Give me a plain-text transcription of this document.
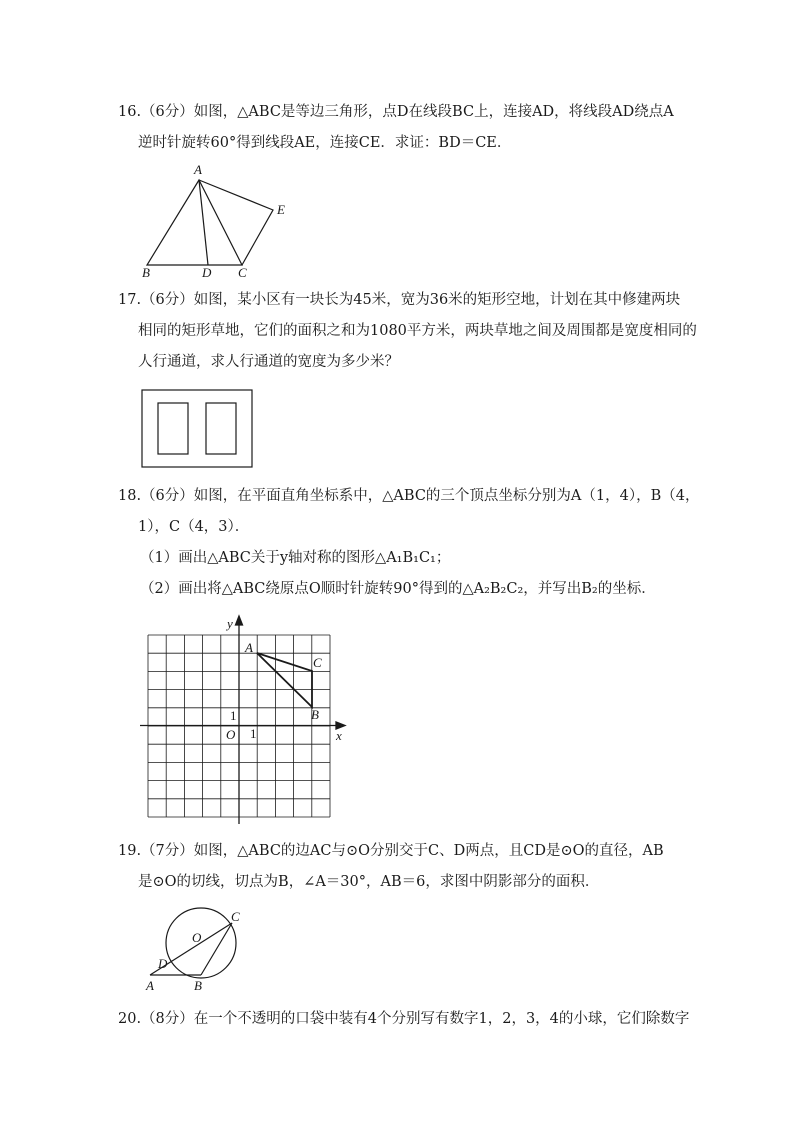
16.（6分）如图，△ABC是等边三角形，点D在线段BC上，连接AD，将线段AD绕点A
逆时针旋转60°得到线段AE，连接CE．求证：BD＝CE．
A
B	D C
E
17.（6分）如图，某小区有一块长为45米，宽为36米的矩形空地，计划在其中修建两块
相同的矩形草地，它们的面积之和为1080平方米，两块草地之间及周围都是宽度相同的
人行通道，求人行通道的宽度为多少米？
18.（6分）如图，在平面直角坐标系中，△ABC的三个顶点坐标分别为A（1，4），B（4，
1），C（4，3）．
（1）画出△ABC关于y轴对称的图形△A₁B₁C₁；
（2）画出将△ABC绕原点O顺时针旋转90°得到的△A₂B₂C₂，并写出B₂的坐标．
x
y
O 1
1
A
C
B
19.（7分）如图，△ABC的边AC与⊙O分别交于C、D两点，且CD是⊙O的直径，AB
是⊙O的切线，切点为B，∠A＝30°，AB＝6，求图中阴影部分的面积．
A	B
C
D
O
20.（8分）在一个不透明的口袋中装有4个分别写有数字1，2，3，4的小球，它们除数字
